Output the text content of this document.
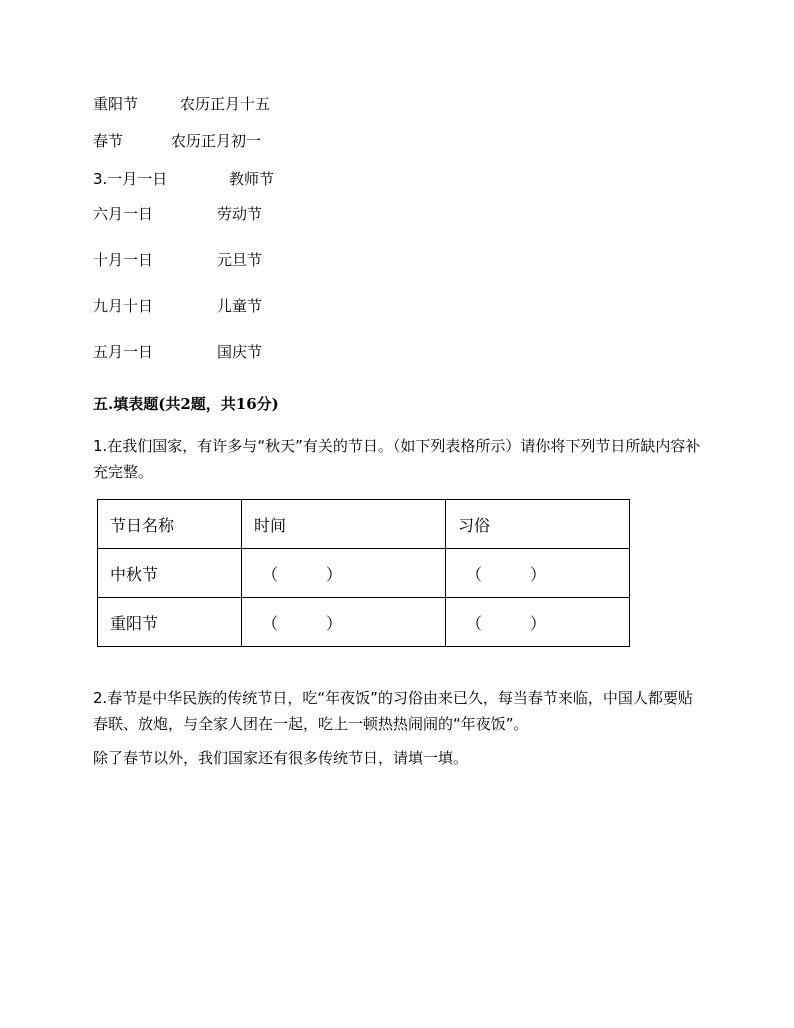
重阳节	农历正月十五
春节	农历正月初一
3.一月一日	教师节
六月一日	劳动节
十月一日	元旦节
九月十日	儿童节
五月一日	国庆节
五.填表题(共2题，共16分)
1.在我们国家，有许多与“秋天”有关的节日。（如下列表格所示）请你将下列节日所缺内容补充完整。
节日名称	时间	习俗
中秋节	（　　　）	（　　　）
重阳节	（　　　）	（　　　）
2.春节是中华民族的传统节日，吃“年夜饭”的习俗由来已久，每当春节来临，中国人都要贴春联、放炮，与全家人团在一起，吃上一顿热热闹闹的“年夜饭”。
除了春节以外，我们国家还有很多传统节日，请填一填。
